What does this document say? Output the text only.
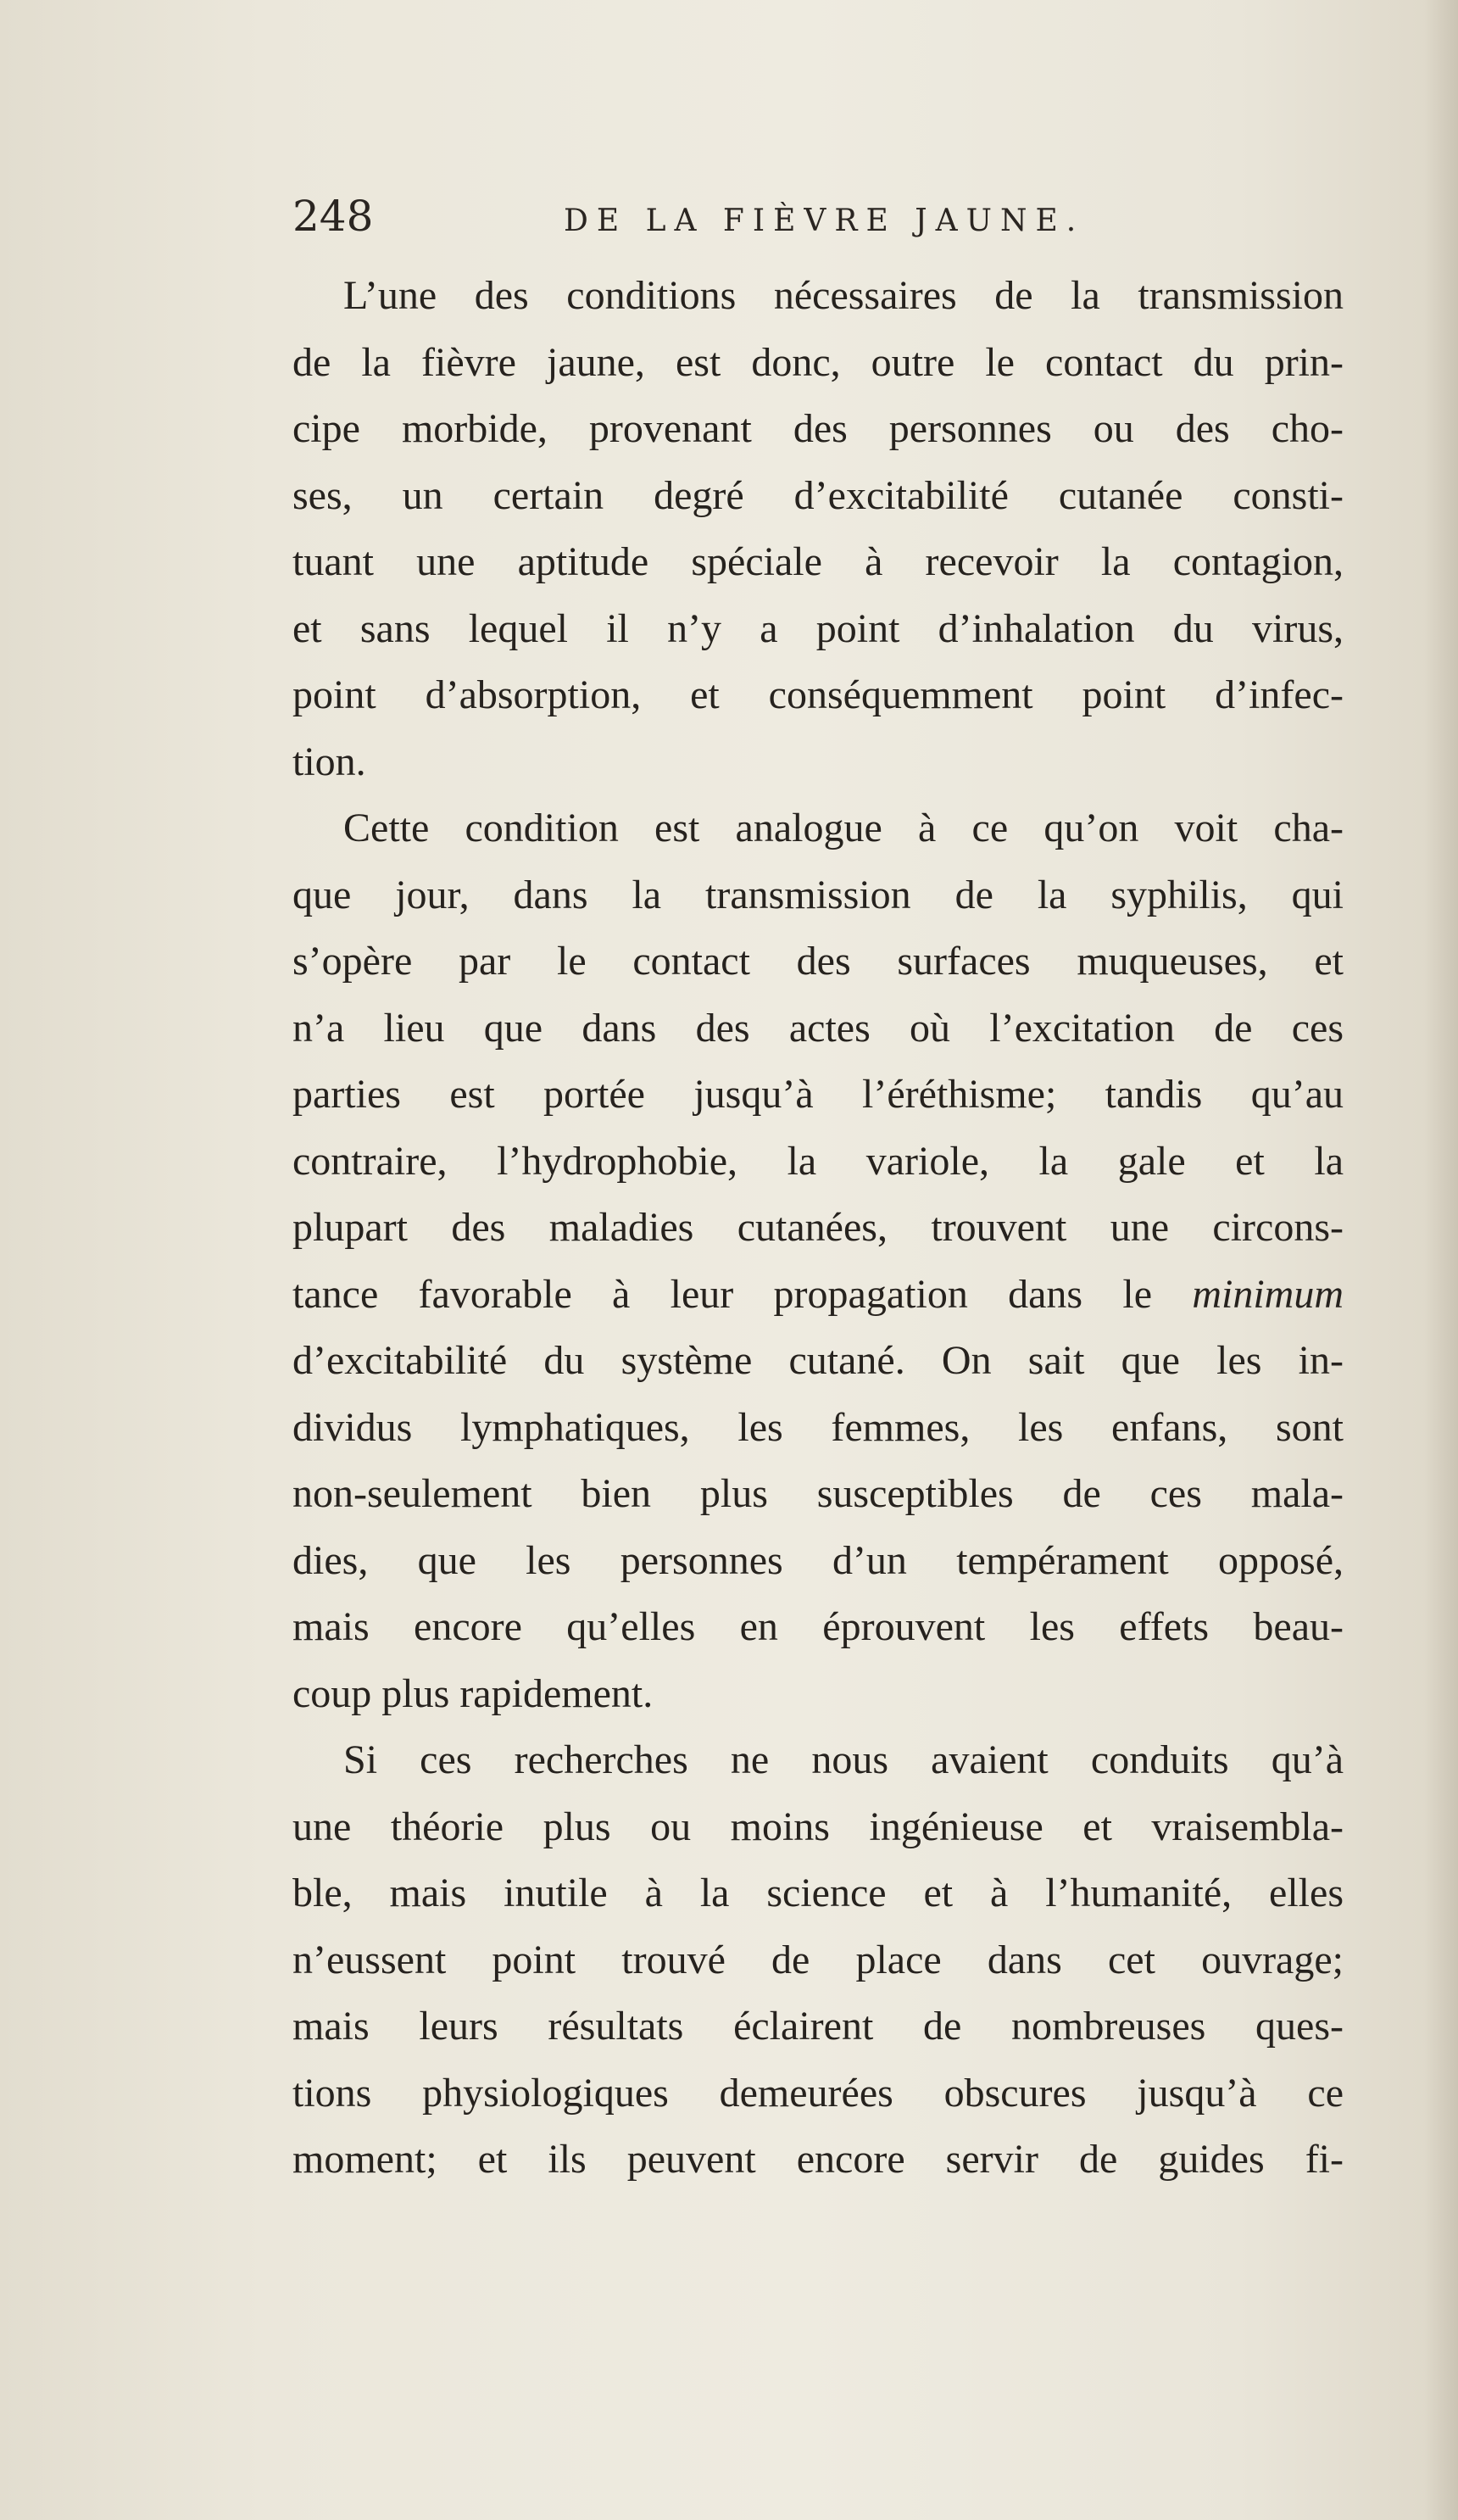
248	DE LA FIÈVRE JAUNE.
L’une des conditions nécessaires de la transmission
de la fièvre jaune, est donc, outre le contact du prin-
cipe morbide, provenant des personnes ou des cho-
ses, un certain degré d’excitabilité cutanée consti-
tuant une aptitude spéciale à recevoir la contagion,
et sans lequel il n’y a point d’inhalation du virus,
point d’absorption, et conséquemment point d’infec-
tion.
Cette condition est analogue à ce qu’on voit cha-
que jour, dans la transmission de la syphilis, qui
s’opère par le contact des surfaces muqueuses, et
n’a lieu que dans des actes où l’excitation de ces
parties est portée jusqu’à l’éréthisme; tandis qu’au
contraire, l’hydrophobie, la variole, la gale et la
plupart des maladies cutanées, trouvent une circons-
tance favorable à leur propagation dans le minimum
d’excitabilité du système cutané. On sait que les in-
dividus lymphatiques, les femmes, les enfans, sont
non-seulement bien plus susceptibles de ces mala-
dies, que les personnes d’un tempérament opposé,
mais encore qu’elles en éprouvent les effets beau-
coup plus rapidement.
Si ces recherches ne nous avaient conduits qu’à
une théorie plus ou moins ingénieuse et vraisembla-
ble, mais inutile à la science et à l’humanité, elles
n’eussent point trouvé de place dans cet ouvrage;
mais leurs résultats éclairent de nombreuses ques-
tions physiologiques demeurées obscures jusqu’à ce
moment; et ils peuvent encore servir de guides fi-
